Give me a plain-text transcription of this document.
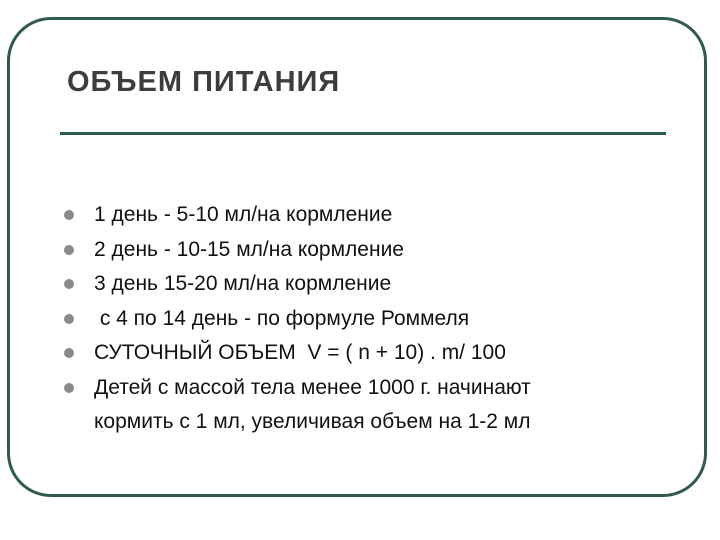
ОБЪЕМ ПИТАНИЯ
1 день - 5-10 мл/на кормление
2 день - 10-15 мл/на кормление
3 день 15-20 мл/на кормление
с 4 по 14 день - по формуле Роммеля
СУТОЧНЫЙ ОБЪЕМ  V = ( n + 10) . m/ 100
Детей с массой тела менее 1000 г. начинают
кормить с 1 мл, увеличивая объем на 1-2 мл
